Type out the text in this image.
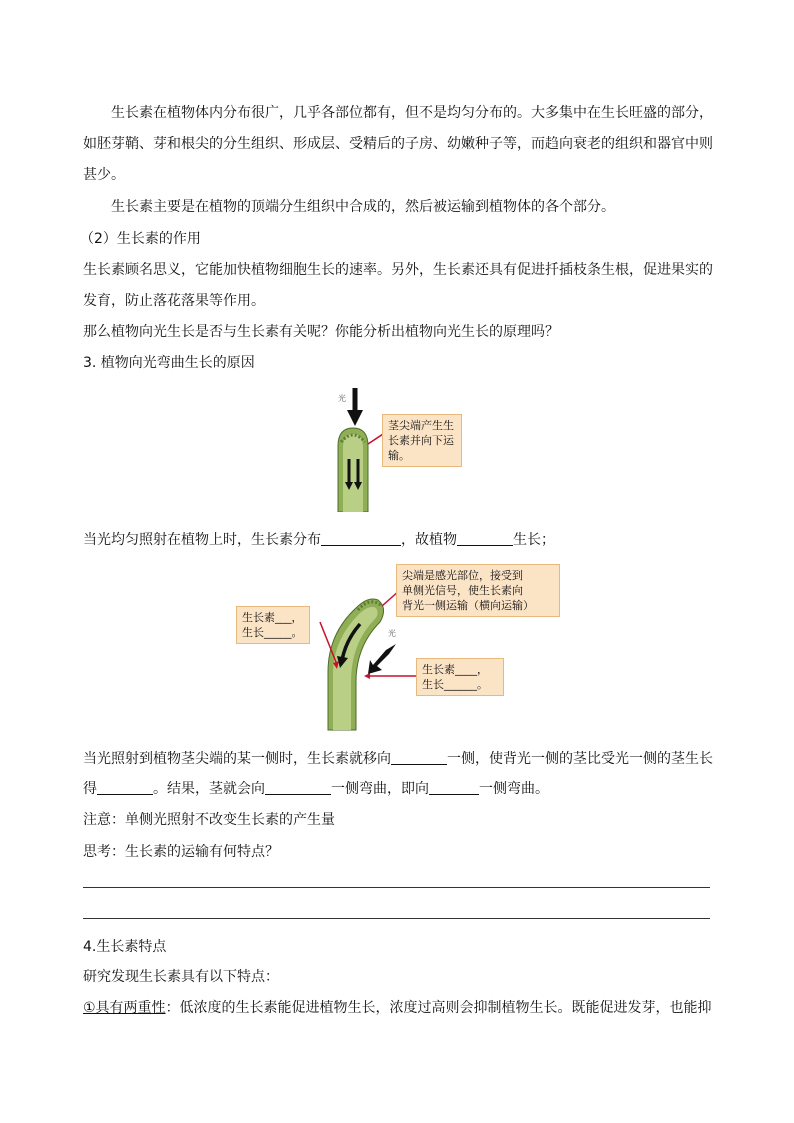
生长素在植物体内分布很广，几乎各部位都有，但不是均匀分布的。大多集中在生长旺盛的部分，
如胚芽鞘、芽和根尖的分生组织、形成层、受精后的子房、幼嫩种子等，而趋向衰老的组织和器官中则
甚少。
生长素主要是在植物的顶端分生组织中合成的，然后被运输到植物体的各个部分。
（2）生长素的作用
生长素顾名思义，它能加快植物细胞生长的速率。另外，生长素还具有促进扦插枝条生根，促进果实的
发育，防止落花落果等作用。
那么植物向光生长是否与生长素有关呢？你能分析出植物向光生长的原理吗？
3. 植物向光弯曲生长的原因
光
茎尖端产生生
长素并向下运
输。
当光均匀照射在植物上时，生长素分布	，故植物	生长；
光
尖端是感光部位，接受到
单侧光信号，使生长素向
背光一侧运输（横向运输）
生长素___，
生长_____。
生长素____，
生长______。
当光照射到植物茎尖端的某一侧时，生长素就移向	一侧，使背光一侧的茎比受光一侧的茎生长
得	。结果，茎就会向	一侧弯曲，即向	一侧弯曲。
注意：单侧光照射不改变生长素的产生量
思考：生长素的运输有何特点？
4.生长素特点
研究发现生长素具有以下特点：
①具有两重性：低浓度的生长素能促进植物生长，浓度过高则会抑制植物生长。既能促进发芽，也能抑
